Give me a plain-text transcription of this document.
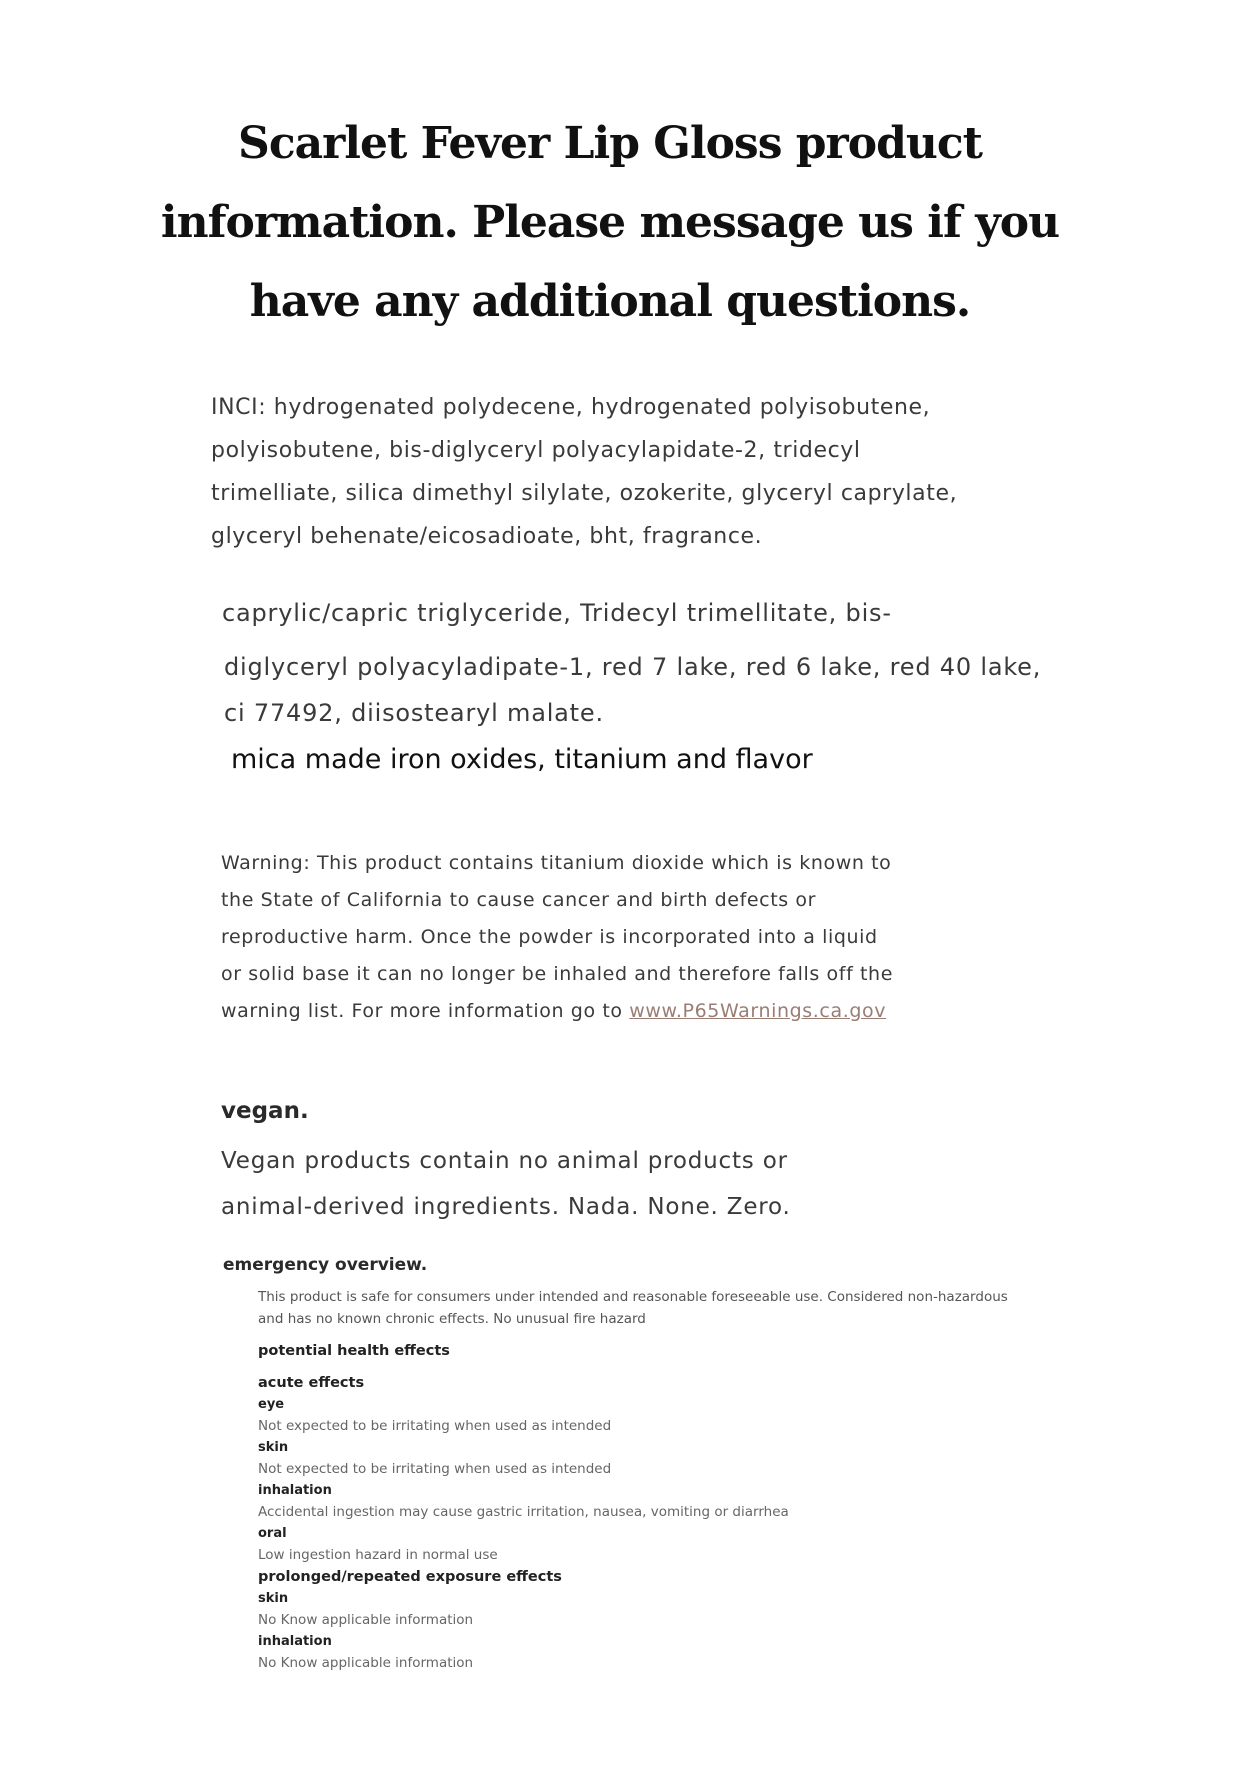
Scarlet Fever Lip Gloss product
information. Please message us if you
have any additional questions.
INCI: hydrogenated polydecene, hydrogenated polyisobutene,
polyisobutene, bis-diglyceryl polyacylapidate-2, tridecyl
trimelliate, silica dimethyl silylate, ozokerite, glyceryl caprylate,
glyceryl behenate/eicosadioate, bht, fragrance.
caprylic/capric triglyceride, Tridecyl trimellitate, bis-
diglyceryl polyacyladipate-1, red 7 lake, red 6 lake, red 40 lake,
ci 77492, diisostearyl malate.
mica made iron oxides, titanium and flavor
Warning: This product contains titanium dioxide which is known to
the State of California to cause cancer and birth defects or
reproductive harm. Once the powder is incorporated into a liquid
or solid base it can no longer be inhaled and therefore falls off the
warning list. For more information go to www.P65Warnings.ca.gov
vegan.
Vegan products contain no animal products or
animal-derived ingredients. Nada. None. Zero.
emergency overview.
This product is safe for consumers under intended and reasonable foreseeable use. Considered non-hazardous
and has no known chronic effects. No unusual fire hazard
potential health effects
acute effects
eye
Not expected to be irritating when used as intended
skin
Not expected to be irritating when used as intended
inhalation
Accidental ingestion may cause gastric irritation, nausea, vomiting or diarrhea
oral
Low ingestion hazard in normal use
prolonged/repeated exposure effects
skin
No Know applicable information
inhalation
No Know applicable information
